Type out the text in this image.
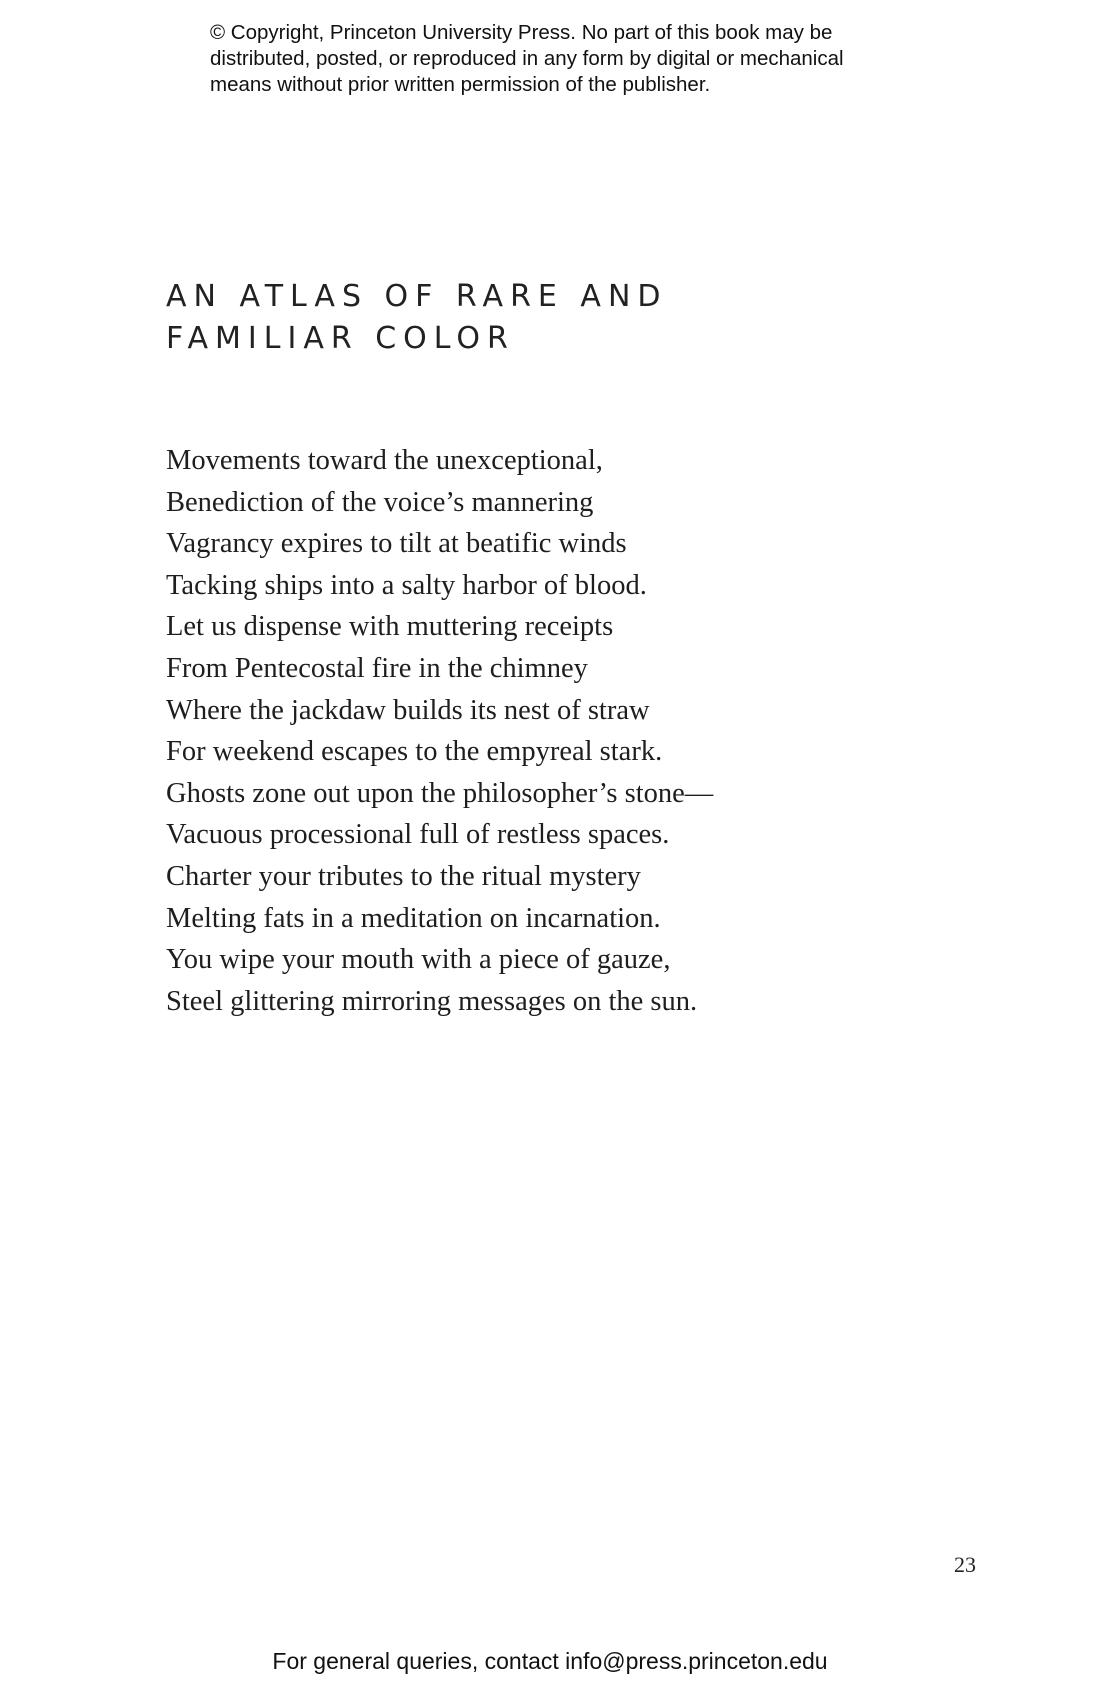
© Copyright, Princeton University Press. No part of this book may be
distributed, posted, or reproduced in any form by digital or mechanical
means without prior written permission of the publisher.
AN ATLAS OF RARE AND
FAMILIAR COLOR
Movements toward the unexceptional,
Benediction of the voice’s mannering
Vagrancy expires to tilt at beatific winds
Tacking ships into a salty harbor of blood.
Let us dispense with muttering receipts
From Pentecostal fire in the chimney
Where the jackdaw builds its nest of straw
For weekend escapes to the empyreal stark.
Ghosts zone out upon the philosopher’s stone—
Vacuous processional full of restless spaces.
Charter your tributes to the ritual mystery
Melting fats in a meditation on incarnation.
You wipe your mouth with a piece of gauze,
Steel glittering mirroring messages on the sun.
23
For general queries, contact info@press.princeton.edu
